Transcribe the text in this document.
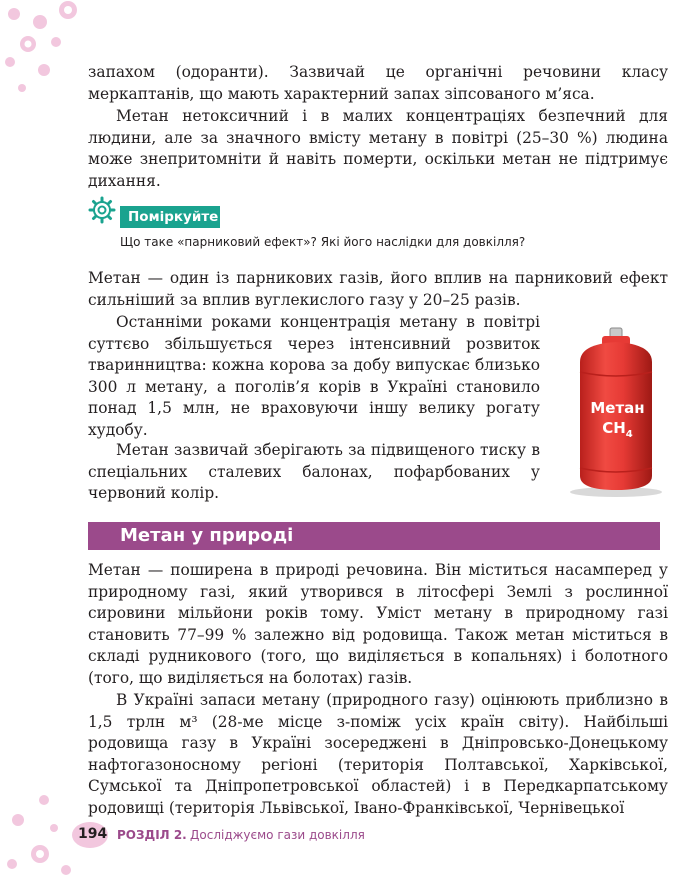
запахом (одоранти). Зазвичай це органічні речовини класу меркаптанів, що мають характерний запах зіпсованого м’яса.

Метан нетоксичний і в малих концентраціях безпечний для людини, але за значного вмісту метану в повітрі (25–30 %) людина може знепритомніти й навіть померти, оскільки метан не підтримує дихання.

Поміркуйте
Що таке «парниковий ефект»? Які його наслідки для довкілля?

Метан — один із парникових газів, його вплив на парниковий ефект сильніший за вплив вуглекислого газу у 20–25 разів.

Останніми роками концентрація метану в повітрі суттєво збільшується через інтенсивний розвиток тваринництва: кожна корова за добу випускає близько 300 л метану, а поголів’я корів в Україні становило понад 1,5 млн, не враховуючи іншу велику рогату худобу.

Метан зазвичай зберігають за підвищеного тиску в спеціальних сталевих балонах, пофарбованих у червоний колір.

Метан
$CH_4$
Метан у природі

Метан — поширена в природі речовина. Він міститься насамперед у природному газі, який утворився в літосфері Землі з рослинної сировини мільйони років тому. Уміст метану в природному газі становить 77–99 % залежно від родовища. Також метан міститься в складі рудникового (того, що виділяється в копальнях) і болотного (того, що виділяється на болотах) газів.

В Україні запаси метану (природного газу) оцінюють приблизно в 1,5 трлн м³ (28-ме місце з-поміж усіх країн світу). Найбільші родовища газу в Україні зосереджені в Дніпровсько-Донецькому нафтогазоносному регіоні (територія Полтавської, Харківської, Сумської та Дніпропетровської областей) і в Передкарпатському родовищі (територія Львівської, Івано-Франківської, Чернівецької

194 РОЗДІЛ 2. Досліджуємо гази довкілля
